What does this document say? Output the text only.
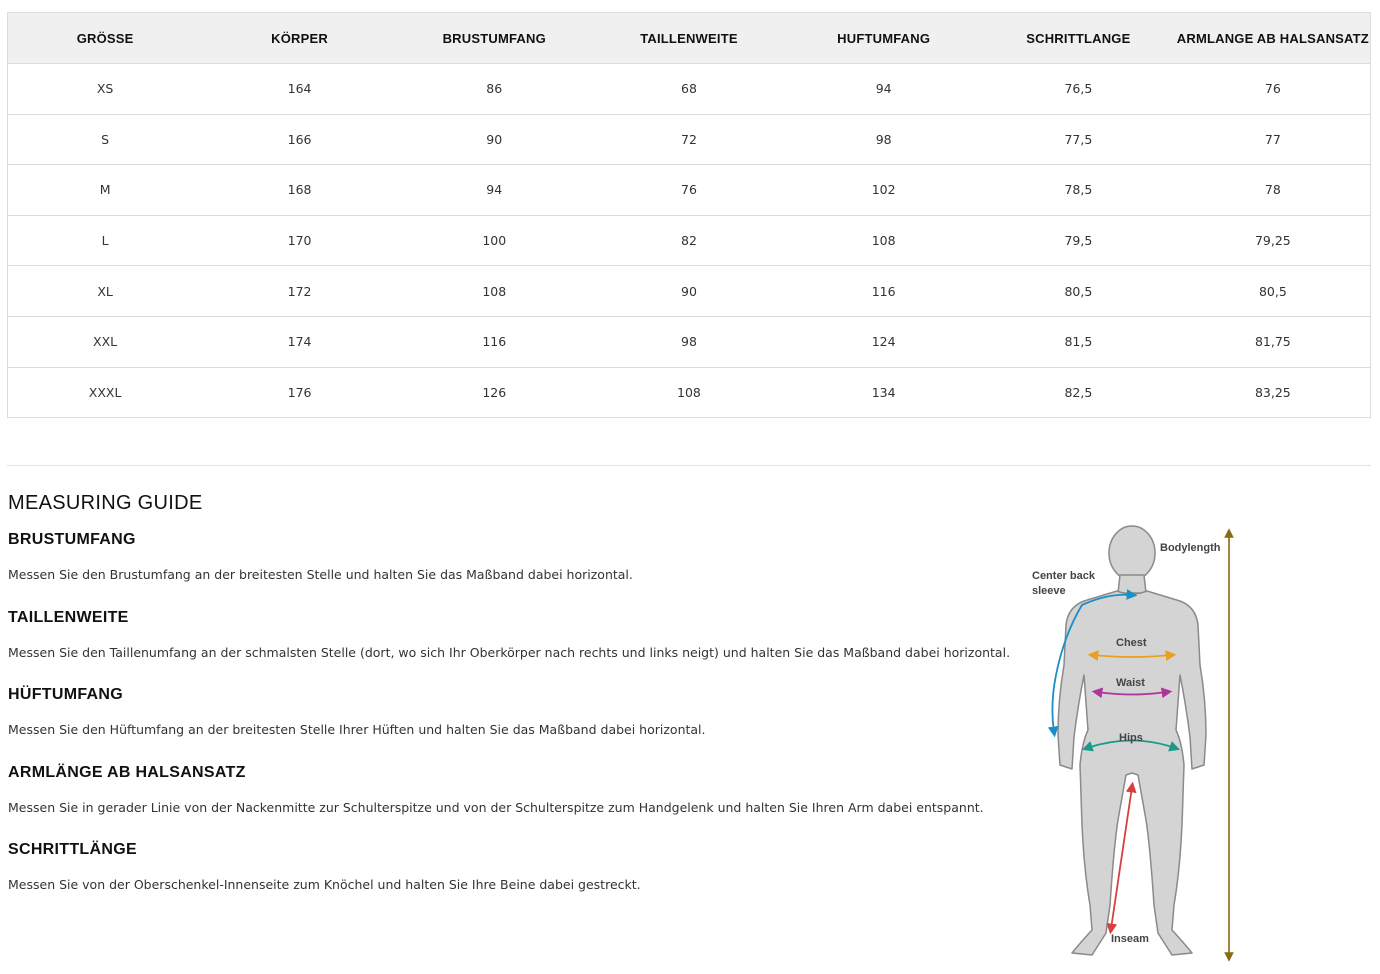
GRÖSSE	KÖRPER	BRUSTUMFANG	TAILLENWEITE	HUFTUMFANG	SCHRITTLANGE	ARMLANGE AB HALSANSATZ
XS	164	86	68	94	76,5	76
S	166	90	72	98	77,5	77
M	168	94	76	102	78,5	78
L	170	100	82	108	79,5	79,25
XL	172	108	90	116	80,5	80,5
XXL	174	116	98	124	81,5	81,75
XXXL	176	126	108	134	82,5	83,25
MEASURING GUIDE
BRUSTUMFANG

Messen Sie den Brustumfang an der breitesten Stelle und halten Sie das Maßband dabei horizontal.

TAILLENWEITE

Messen Sie den Taillenumfang an der schmalsten Stelle (dort, wo sich Ihr Oberkörper nach rechts und links neigt) und halten Sie das Maßband dabei horizontal.

HÜFTUMFANG

Messen Sie den Hüftumfang an der breitesten Stelle Ihrer Hüften und halten Sie das Maßband dabei horizontal.

ARMLÄNGE AB HALSANSATZ

Messen Sie in gerader Linie von der Nackenmitte zur Schulterspitze und von der Schulterspitze zum Handgelenk und halten Sie Ihren Arm dabei entspannt.

SCHRITTLÄNGE

Messen Sie von der Oberschenkel-Innenseite zum Knöchel und halten Sie Ihre Beine dabei gestreckt.

Bodylength
Center back
sleeve
Chest
Waist
Hips
Inseam
